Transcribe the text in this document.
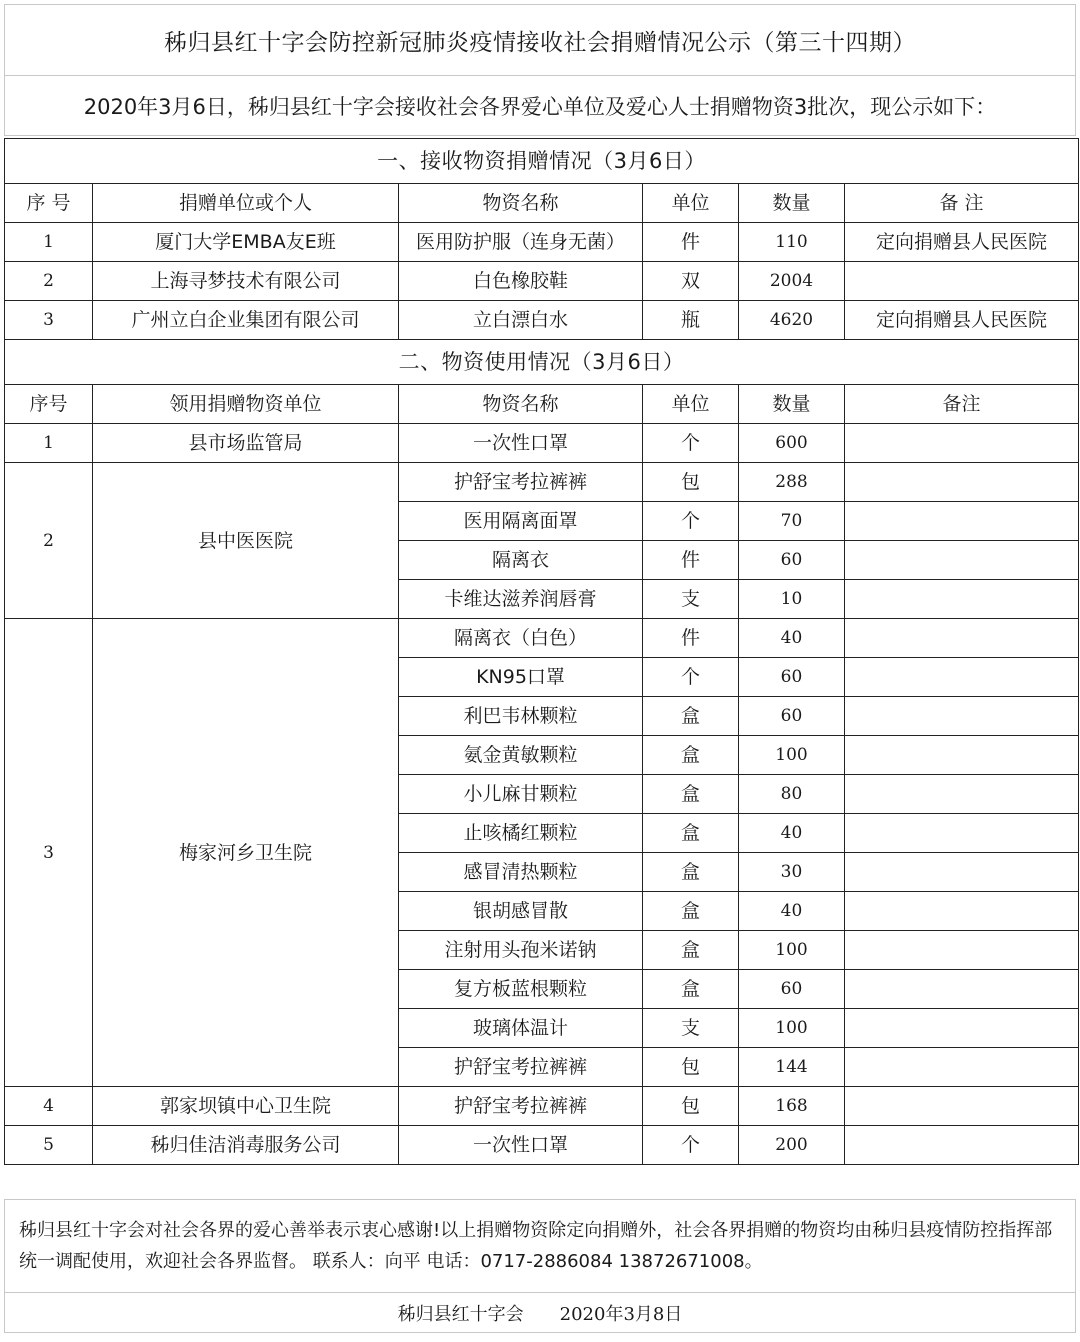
秭归县红十字会防控新冠肺炎疫情接收社会捐赠情况公示（第三十四期）
2020年3月6日，秭归县红十字会接收社会各界爱心单位及爱心人士捐赠物资3批次，现公示如下：
一、接收物资捐赠情况（3月6日）					
序 号	捐赠单位或个人	物资名称	单位	数量	备 注
1	厦门大学EMBA友E班	医用防护服（连身无菌）	件	110	定向捐赠县人民医院
2	上海寻梦技术有限公司	白色橡胶鞋	双	2004	
3	广州立白企业集团有限公司	立白漂白水	瓶	4620	定向捐赠县人民医院
二、物资使用情况（3月6日）					
序号	领用捐赠物资单位	物资名称	单位	数量	备注
1	县市场监管局	一次性口罩	个	600	
2	县中医医院	护舒宝考拉裤裤	包	288	
		医用隔离面罩	个	70	
		隔离衣	件	60	
		卡维达滋养润唇膏	支	10	
3	梅家河乡卫生院	隔离衣（白色）	件	40	
		KN95口罩	个	60	
		利巴韦林颗粒	盒	60	
		氨金黄敏颗粒	盒	100	
		小儿麻甘颗粒	盒	80	
		止咳橘红颗粒	盒	40	
		感冒清热颗粒	盒	30	
		银胡感冒散	盒	40	
		注射用头孢米诺钠	盒	100	
		复方板蓝根颗粒	盒	60	
		玻璃体温计	支	100	
		护舒宝考拉裤裤	包	144	
4	郭家坝镇中心卫生院	护舒宝考拉裤裤	包	168	
5	秭归佳洁消毒服务公司	一次性口罩	个	200	
秭归县红十字会对社会各界的爱心善举表示衷心感谢!以上捐赠物资除定向捐赠外，社会各界捐赠的物资均由秭归县疫情防控指挥部统一调配使用，欢迎社会各界监督。 联系人：向平 电话：0717-2886084 13872671008。
秭归县红十字会 2020年3月8日
